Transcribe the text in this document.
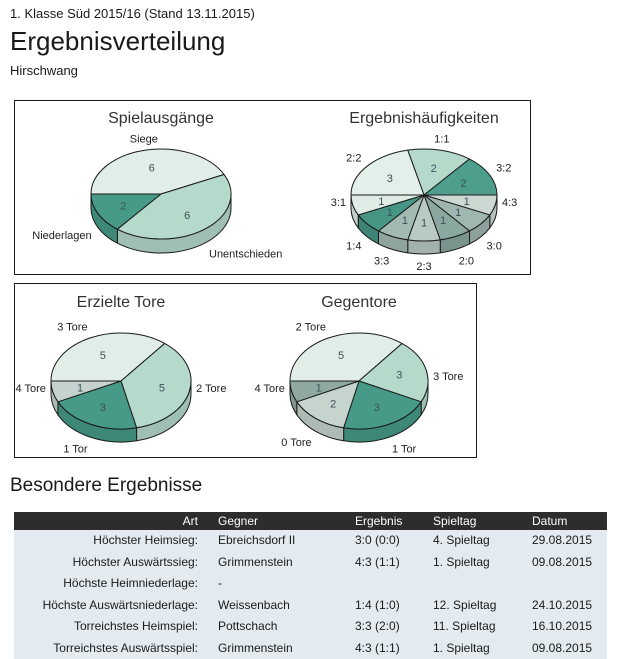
1. Klasse Süd 2015/16 (Stand 13.11.2015)
Ergebnisverteilung
Hirschwang
6
6
2
Siege
Unentschieden
Niederlagen
Spielausgänge
2
2
1
1
1
1
1
1
1
3
1:1
3:2
4:3
3:0
2:0
2:3
3:3
1:4
3:1
2:2
Ergebnishäufigkeiten
5
5
3
1
3 Tore
2 Tore
1 Tor
4 Tore
Erzielte Tore
5
3
3
2
1
2 Tore
3 Tore
1 Tor
0 Tore
4 Tore
Gegentore
Besondere Ergebnisse
Art	Gegner	Ergebnis	Spieltag	Datum
Höchster Heimsieg:	Ebreichsdorf II	3:0 (0:0)	4. Spieltag	29.08.2015
Höchster Auswärtssieg:	Grimmenstein	4:3 (1:1)	1. Spieltag	09.08.2015
Höchste Heimniederlage:	-			
Höchste Auswärtsniederlage:	Weissenbach	1:4 (1:0)	12. Spieltag	24.10.2015
Torreichstes Heimspiel:	Pottschach	3:3 (2:0)	11. Spieltag	16.10.2015
Torreichstes Auswärtsspiel:	Grimmenstein	4:3 (1:1)	1. Spieltag	09.08.2015
